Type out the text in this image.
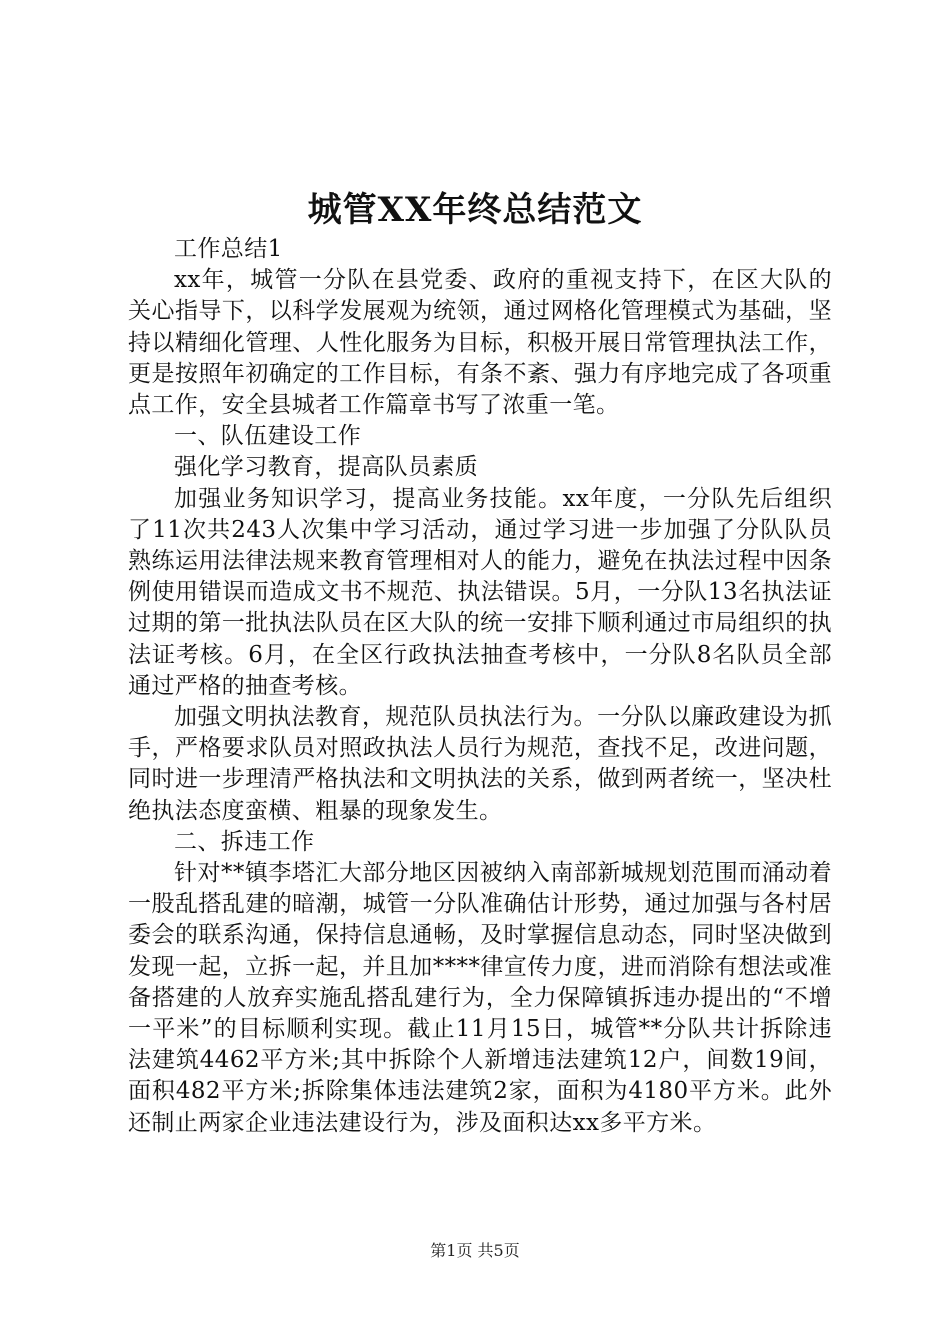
城管XX年终总结范文

工作总结1

xx年，城管一分队在县党委、政府的重视支持下，在区大队的关心指导下，以科学发展观为统领，通过网格化管理模式为基础，坚持以精细化管理、人性化服务为目标，积极开展日常管理执法工作，更是按照年初确定的工作目标，有条不紊、强力有序地完成了各项重点工作，安全县城者工作篇章书写了浓重一笔。

一、队伍建设工作

强化学习教育，提高队员素质

加强业务知识学习，提高业务技能。xx年度，一分队先后组织了11次共243人次集中学习活动，通过学习进一步加强了分队队员熟练运用法律法规来教育管理相对人的能力，避免在执法过程中因条例使用错误而造成文书不规范、执法错误。5月，一分队13名执法证过期的第一批执法队员在区大队的统一安排下顺利通过市局组织的执法证考核。6月，在全区行政执法抽查考核中，一分队8名队员全部通过严格的抽查考核。

加强文明执法教育，规范队员执法行为。一分队以廉政建设为抓手，严格要求队员对照政执法人员行为规范，查找不足，改进问题，同时进一步理清严格执法和文明执法的关系，做到两者统一，坚决杜绝执法态度蛮横、粗暴的现象发生。

二、拆违工作

针对**镇李塔汇大部分地区因被纳入南部新城规划范围而涌动着一股乱搭乱建的暗潮，城管一分队准确估计形势，通过加强与各村居委会的联系沟通，保持信息通畅，及时掌握信息动态，同时坚决做到发现一起，立拆一起，并且加****律宣传力度，进而消除有想法或准备搭建的人放弃实施乱搭乱建行为，全力保障镇拆违办提出的“不增一平米”的目标顺利实现。截止11月15日，城管**分队共计拆除违法建筑4462平方米;其中拆除个人新增违法建筑12户，间数19间，面积482平方米;拆除集体违法建筑2家，面积为4180平方米。此外还制止两家企业违法建设行为，涉及面积达xx多平方米。

第1页 共5页
